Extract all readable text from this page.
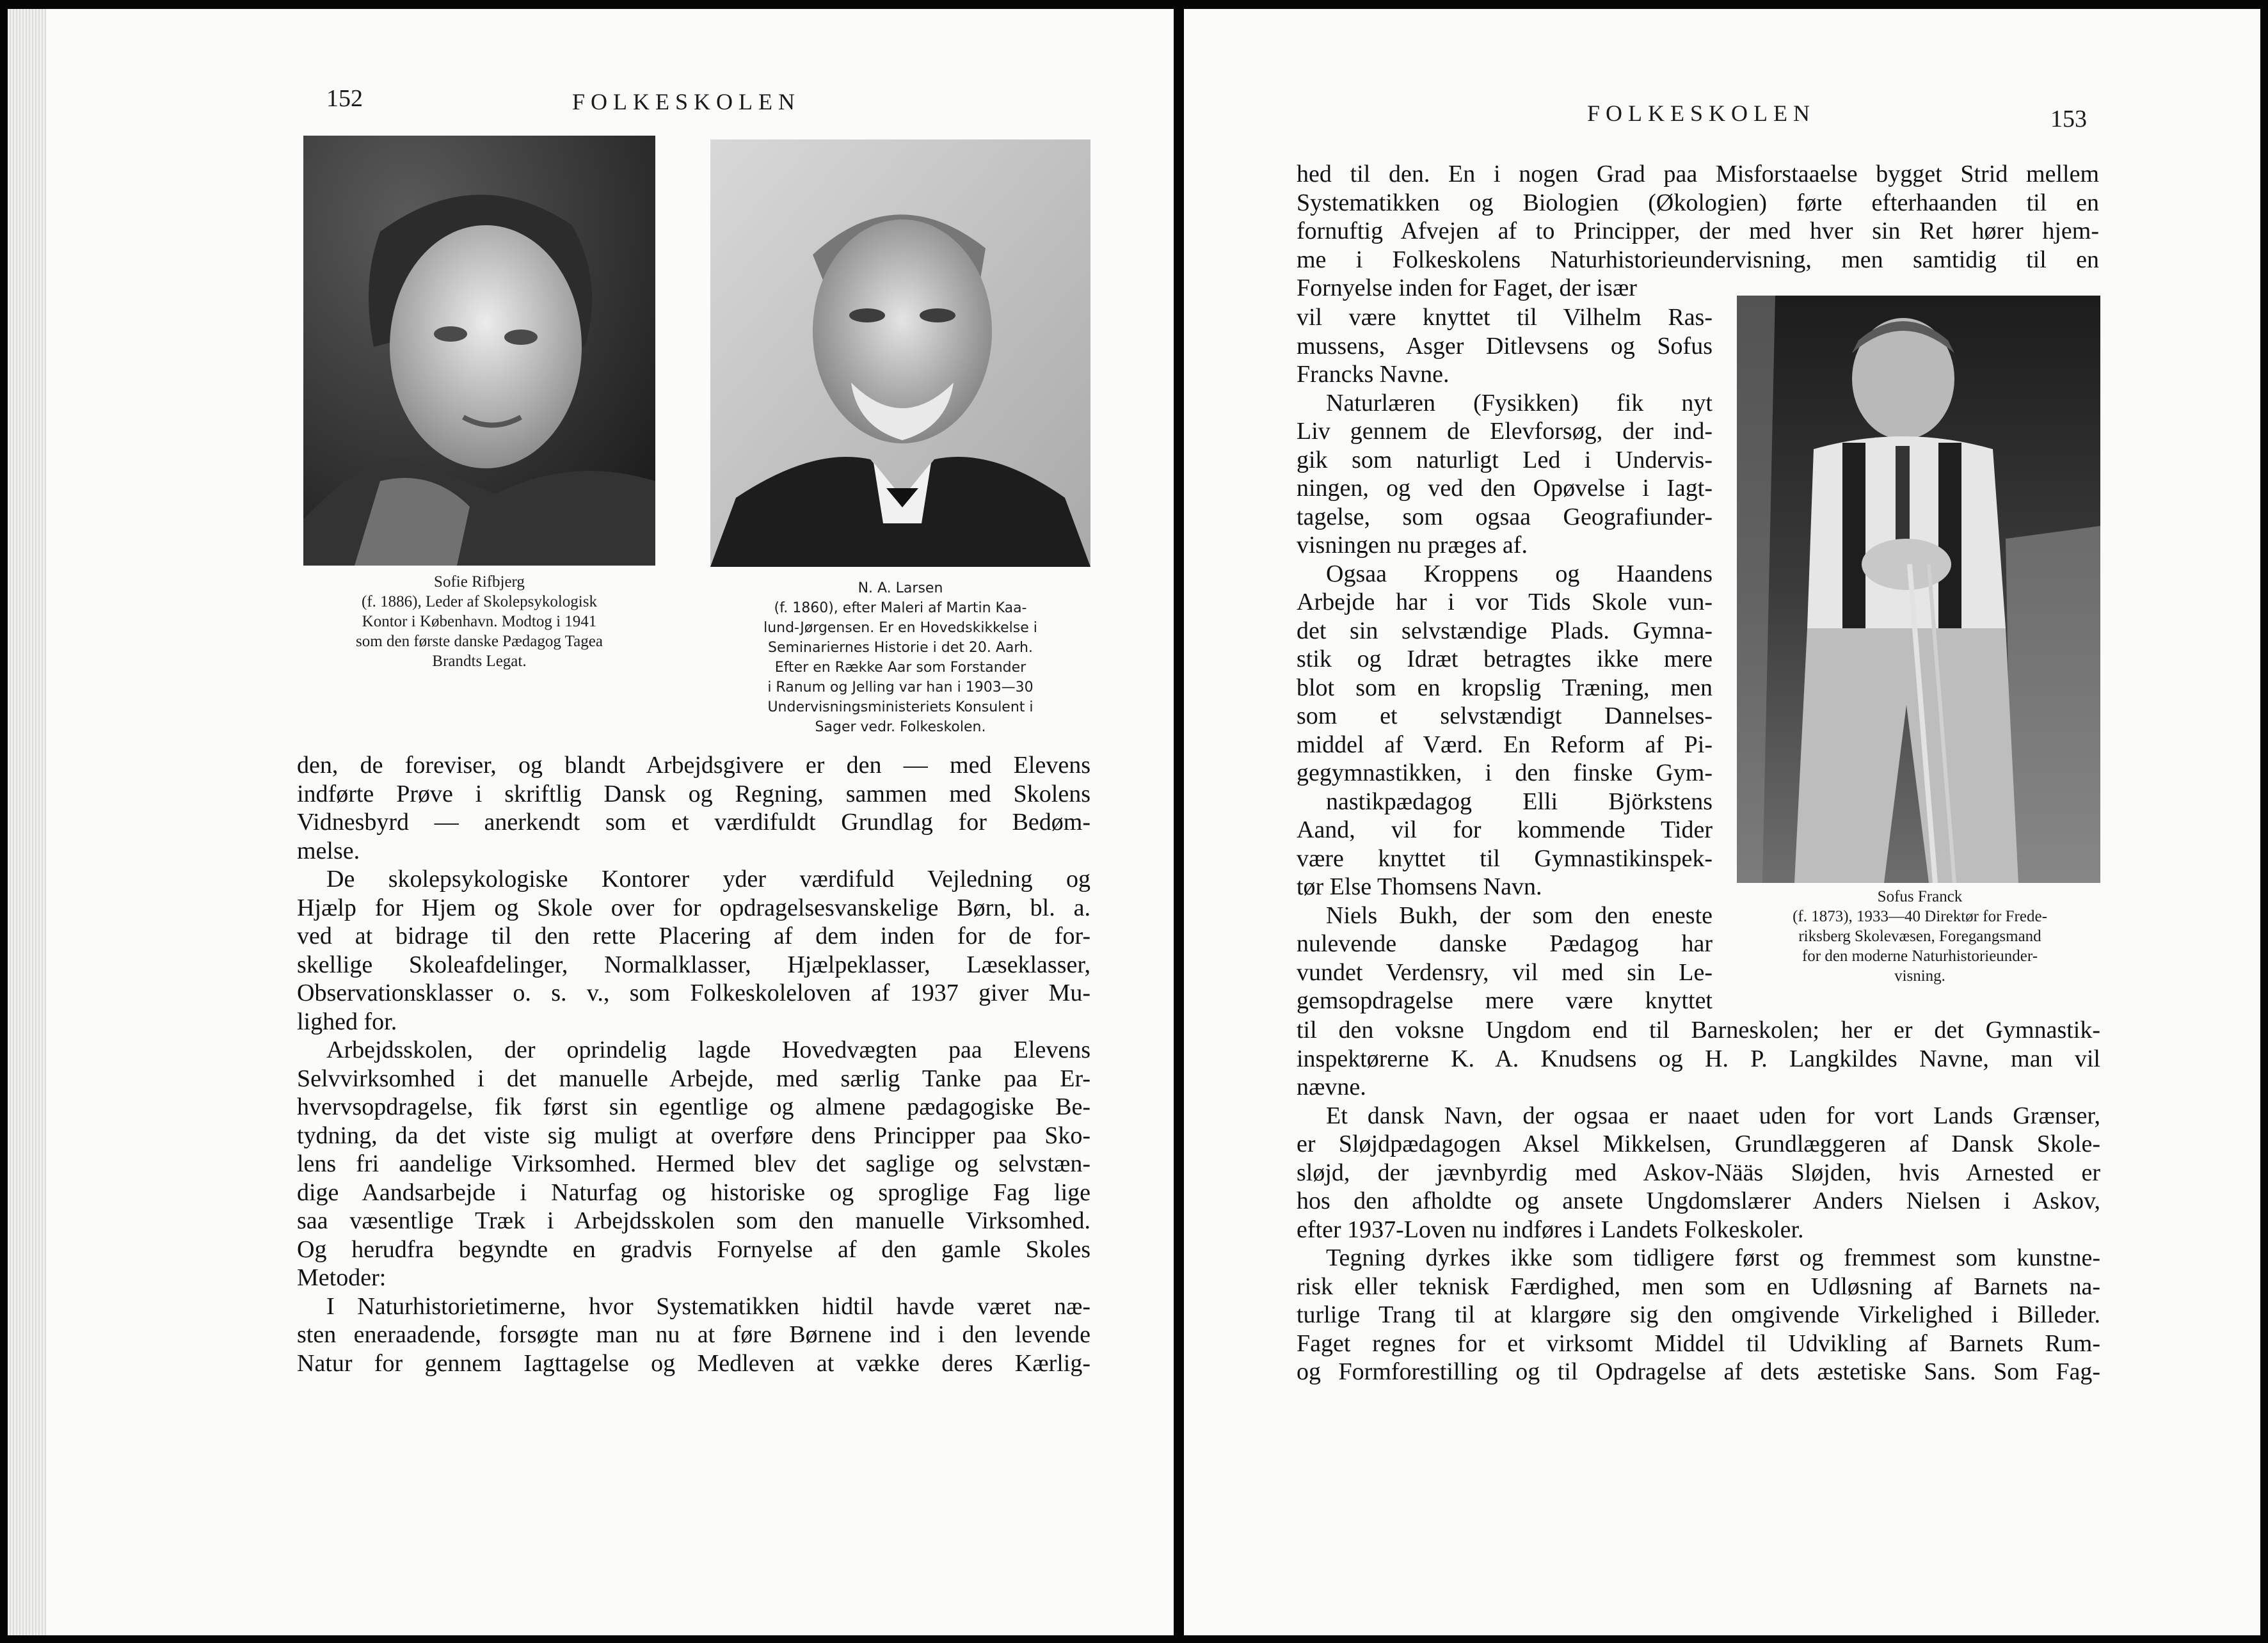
152	FOLKESKOLEN
Sofie Rifbjerg
(f. 1886), Leder af Skolepsykologisk
Kontor i København. Modtog i 1941
som den første danske Pædagog Tagea
Brandts Legat.
N. A. Larsen
(f. 1860), efter Maleri af Martin Kaa-
lund-Jørgensen. Er en Hovedskikkelse i
Seminariernes Historie i det 20. Aarh.
Efter en Række Aar som Forstander
i Ranum og Jelling var han i 1903—30
Undervisningsministeriets Konsulent i
Sager vedr. Folkeskolen.
den, de foreviser, og blandt Arbejdsgivere er den — med Elevens
indførte Prøve i skriftlig Dansk og Regning, sammen med Skolens
Vidnesbyrd — anerkendt som et værdifuldt Grundlag for Bedøm-
melse.
De skolepsykologiske Kontorer yder værdifuld Vejledning og
Hjælp for Hjem og Skole over for opdragelsesvanskelige Børn, bl. a.
ved at bidrage til den rette Placering af dem inden for de for-
skellige Skoleafdelinger, Normalklasser, Hjælpeklasser, Læseklasser,
Observationsklasser o. s. v., som Folkeskoleloven af 1937 giver Mu-
lighed for.
Arbejdsskolen, der oprindelig lagde Hovedvægten paa Elevens
Selvvirksomhed i det manuelle Arbejde, med særlig Tanke paa Er-
hvervsopdragelse, fik først sin egentlige og almene pædagogiske Be-
tydning, da det viste sig muligt at overføre dens Principper paa Sko-
lens fri aandelige Virksomhed. Hermed blev det saglige og selvstæn-
dige Aandsarbejde i Naturfag og historiske og sproglige Fag lige
saa væsentlige Træk i Arbejdsskolen som den manuelle Virksomhed.
Og herudfra begyndte en gradvis Fornyelse af den gamle Skoles
Metoder:
I Naturhistorietimerne, hvor Systematikken hidtil havde været næ-
sten eneraadende, forsøgte man nu at føre Børnene ind i den levende
Natur for gennem Iagttagelse og Medleven at vække deres Kærlig-
FOLKESKOLEN	153
hed til den. En i nogen Grad paa Misforstaaelse bygget Strid mellem
Systematikken og Biologien (Økologien) førte efterhaanden til en
fornuftig Afvejen af to Principper, der med hver sin Ret hører hjem-
me i Folkeskolens Naturhistorieundervisning, men samtidig til en
Fornyelse inden for Faget, der især
vil være knyttet til Vilhelm Ras-
mussens, Asger Ditlevsens og Sofus
Francks Navne.
Naturlæren (Fysikken) fik nyt
Liv gennem de Elevforsøg, der ind-
gik som naturligt Led i Undervis-
ningen, og ved den Opøvelse i Iagt-
tagelse, som ogsaa Geografiunder-
visningen nu præges af.
Ogsaa Kroppens og Haandens
Arbejde har i vor Tids Skole vun-
det sin selvstændige Plads. Gymna-
stik og Idræt betragtes ikke mere
blot som en kropslig Træning, men
som et selvstændigt Dannelses-
middel af Værd. En Reform af Pi-
gegymnastikken, i den finske Gym-
nastikpædagog Elli Björkstens
Aand, vil for kommende Tider
være knyttet til Gymnastikinspek-
tør Else Thomsens Navn.
Niels Bukh, der som den eneste
nulevende danske Pædagog har
vundet Verdensry, vil med sin Le-
gemsopdragelse mere være knyttet
Sofus Franck
(f. 1873), 1933—40 Direktør for Frede-
riksberg Skolevæsen, Foregangsmand
for den moderne Naturhistorieunder-
visning.
til den voksne Ungdom end til Barneskolen; her er det Gymnastik-
inspektørerne K. A. Knudsens og H. P. Langkildes Navne, man vil
nævne.
Et dansk Navn, der ogsaa er naaet uden for vort Lands Grænser,
er Sløjdpædagogen Aksel Mikkelsen, Grundlæggeren af Dansk Skole-
sløjd, der jævnbyrdig med Askov-Nääs Sløjden, hvis Arnested er
hos den afholdte og ansete Ungdomslærer Anders Nielsen i Askov,
efter 1937-Loven nu indføres i Landets Folkeskoler.
Tegning dyrkes ikke som tidligere først og fremmest som kunstne-
risk eller teknisk Færdighed, men som en Udløsning af Barnets na-
turlige Trang til at klargøre sig den omgivende Virkelighed i Billeder.
Faget regnes for et virksomt Middel til Udvikling af Barnets Rum-
og Formforestilling og til Opdragelse af dets æstetiske Sans. Som Fag-
